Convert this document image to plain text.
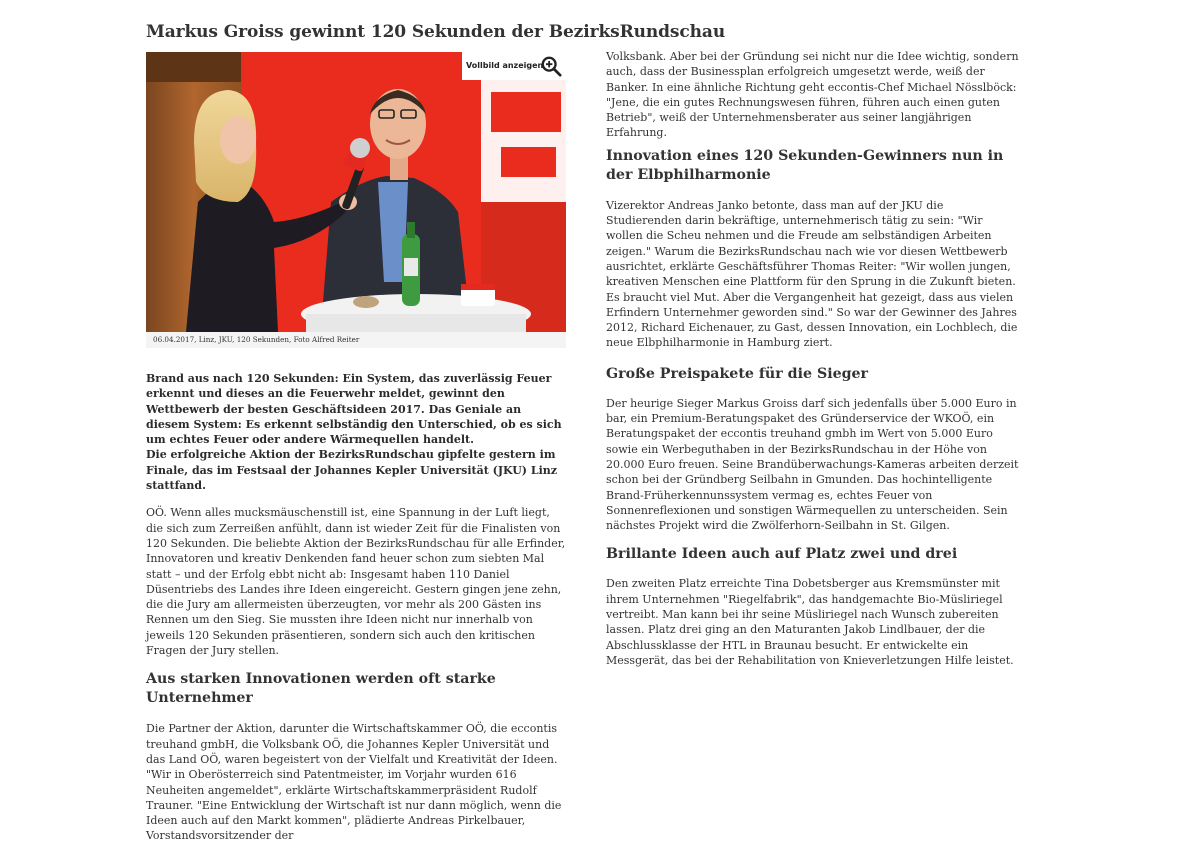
Markus Groiss gewinnt 120 Sekunden der BezirksRundschau
Vollbild anzeigen
06.04.2017, Linz, JKU, 120 Sekunden, Foto Alfred Reiter

Brand aus nach 120 Sekunden: Ein System, das zuverlässig Feuer erkennt und dieses an die Feuerwehr meldet, gewinnt den Wettbewerb der besten Geschäftsideen 2017. Das Geniale an diesem System: Es erkennt selbständig den Unterschied, ob es sich um echtes Feuer oder andere Wärmequellen handelt.

Die erfolgreiche Aktion der BezirksRundschau gipfelte gestern im Finale, das im Festsaal der Johannes Kepler Universität (JKU) Linz stattfand.

OÖ. Wenn alles mucksmäuschenstill ist, eine Spannung in der Luft liegt, die sich zum Zerreißen anfühlt, dann ist wieder Zeit für die Finalisten von 120 Sekunden. Die beliebte Aktion der BezirksRundschau für alle Erfinder, Innovatoren und kreativ Denkenden fand heuer schon zum siebten Mal statt – und der Erfolg ebbt nicht ab: Insgesamt haben 110 Daniel Düsentriebs des Landes ihre Ideen eingereicht. Gestern gingen jene zehn, die die Jury am allermeisten überzeugten, vor mehr als 200 Gästen ins Rennen um den Sieg. Sie mussten ihre Ideen nicht nur innerhalb von jeweils 120 Sekunden präsentieren, sondern sich auch den kritischen Fragen der Jury stellen.

Aus starken Innovationen werden oft starke Unternehmer

Die Partner der Aktion, darunter die Wirtschaftskammer OÖ, die eccontis treuhand gmbH, die Volksbank OÖ, die Johannes Kepler Universität und das Land OÖ, waren begeistert von der Vielfalt und Kreativität der Ideen. "Wir in Oberösterreich sind Patentmeister, im Vorjahr wurden 616 Neuheiten angemeldet", erklärte Wirtschaftskammerpräsident Rudolf Trauner. "Eine Entwicklung der Wirtschaft ist nur dann möglich, wenn die Ideen auch auf den Markt kommen", plädierte Andreas Pirkelbauer, Vorstandsvorsitzender der

Volksbank. Aber bei der Gründung sei nicht nur die Idee wichtig, sondern auch, dass der Businessplan erfolgreich umgesetzt werde, weiß der Banker. In eine ähnliche Richtung geht eccontis-Chef Michael Nösslböck: "Jene, die ein gutes Rechnungswesen führen, führen auch einen guten Betrieb", weiß der Unternehmensberater aus seiner langjährigen Erfahrung.

Innovation eines 120 Sekunden-Gewinners nun in der Elbphilharmonie

Vizerektor Andreas Janko betonte, dass man auf der JKU die Studierenden darin bekräftige, unternehmerisch tätig zu sein: "Wir wollen die Scheu nehmen und die Freude am selbständigen Arbeiten zeigen." Warum die BezirksRundschau nach wie vor diesen Wettbewerb ausrichtet, erklärte Geschäftsführer Thomas Reiter: "Wir wollen jungen, kreativen Menschen eine Plattform für den Sprung in die Zukunft bieten. Es braucht viel Mut. Aber die Vergangenheit hat gezeigt, dass aus vielen Erfindern Unternehmer geworden sind." So war der Gewinner des Jahres 2012, Richard Eichenauer, zu Gast, dessen Innovation, ein Lochblech, die neue Elbphilharmonie in Hamburg ziert.

Große Preispakete für die Sieger

Der heurige Sieger Markus Groiss darf sich jedenfalls über 5.000 Euro in bar, ein Premium-Beratungspaket des Gründerservice der WKOÖ, ein Beratungspaket der eccontis treuhand gmbh im Wert von 5.000 Euro sowie ein Werbeguthaben in der BezirksRundschau in der Höhe von 20.000 Euro freuen. Seine Brandüberwachungs-Kameras arbeiten derzeit schon bei der Gründberg Seilbahn in Gmunden. Das hochintelligente Brand-Früherkennunssystem vermag es, echtes Feuer von Sonnenreflexionen und sonstigen Wärmequellen zu unterscheiden. Sein nächstes Projekt wird die Zwölferhorn-Seilbahn in St. Gilgen.

Brillante Ideen auch auf Platz zwei und drei

Den zweiten Platz erreichte Tina Dobetsberger aus Kremsmünster mit ihrem Unternehmen "Riegelfabrik", das handgemachte Bio-Müsliriegel vertreibt. Man kann bei ihr seine Müsliriegel nach Wunsch zubereiten lassen. Platz drei ging an den Maturanten Jakob Lindlbauer, der die Abschlussklasse der HTL in Braunau besucht. Er entwickelte ein Messgerät, das bei der Rehabilitation von Knieverletzungen Hilfe leistet.
